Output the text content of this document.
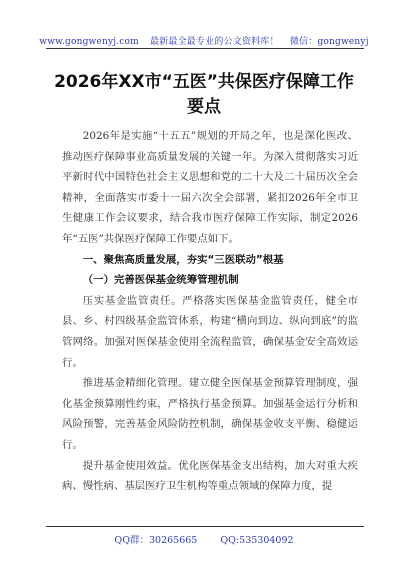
www.gongwenyj.com 最新最全最专业的公文资料库！ 微信：gongwenyj
2026年XX市“五医”共保医疗保障工作
要点

2026年是实施“十五五”规划的开局之年，也是深化医改、推动医疗保障事业高质量发展的关键一年。为深入贯彻落实习近平新时代中国特色社会主义思想和党的二十大及二十届历次全会精神，全面落实市委十一届六次全会部署，紧扣2026年全市卫生健康工作会议要求，结合我市医疗保障工作实际，制定2026年“五医”共保医疗保障工作要点如下。

一、聚焦高质量发展，夯实“三医联动”根基
（一）完善医保基金统筹管理机制

压实基金监管责任。严格落实医保基金监管责任，健全市县、乡、村四级基金监管体系，构建“横向到边、纵向到底”的监管网络。加强对医保基金使用全流程监管，确保基金安全高效运行。

推进基金精细化管理。建立健全医保基金预算管理制度，强化基金预算刚性约束，严格执行基金预算。加强基金运行分析和风险预警，完善基金风险防控机制，确保基金收支平衡、稳健运行。

提升基金使用效益。优化医保基金支出结构，加大对重大疾病、慢性病、基层医疗卫生机构等重点领域的保障力度，提

QQ群：30265665 QQ:535304092
